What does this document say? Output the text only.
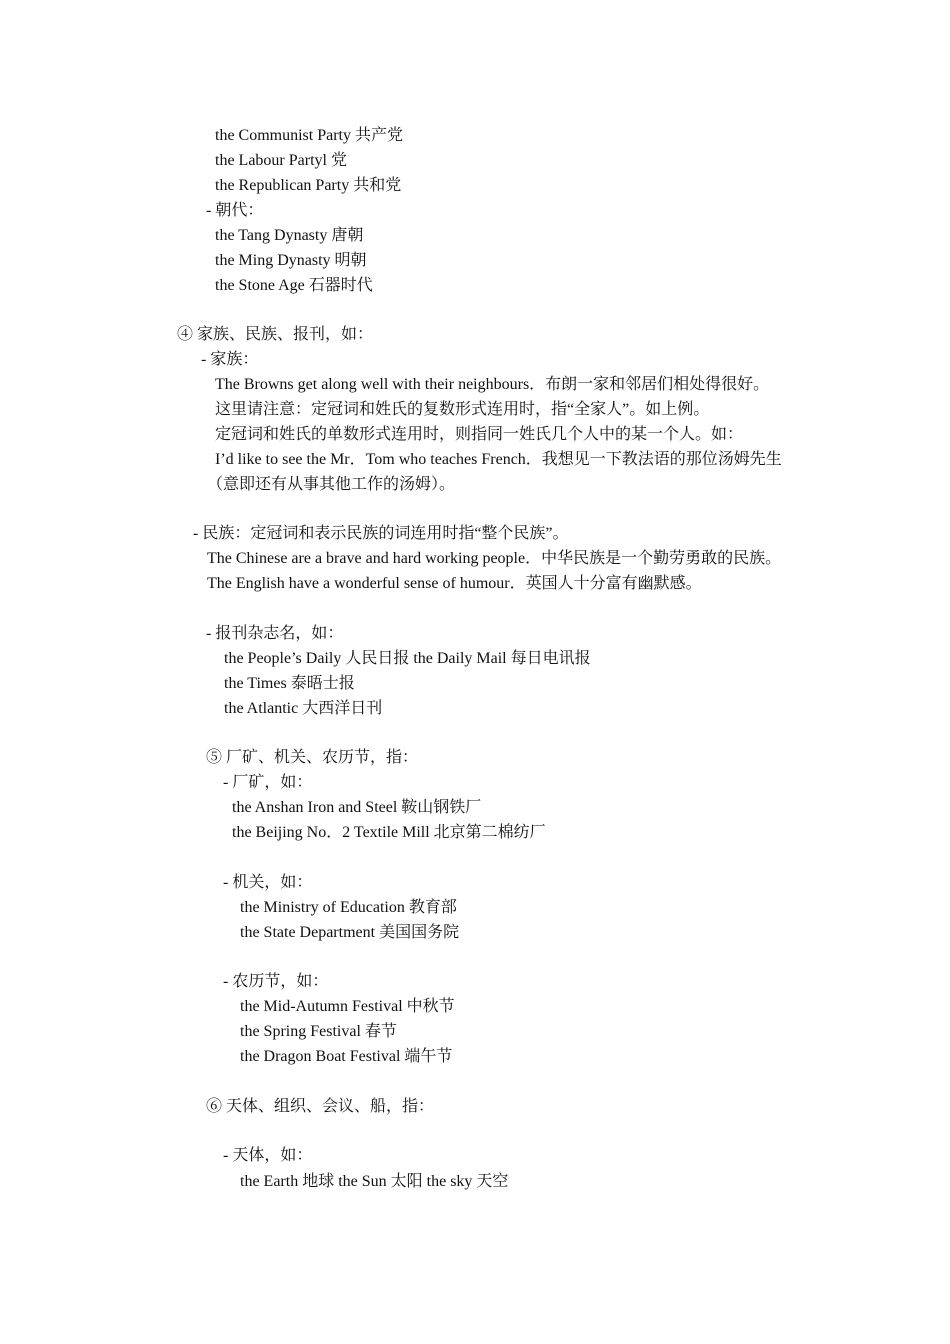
the Communist Party 共产党
the Labour Partyl 党
the Republican Party 共和党
- 朝代：
the Tang Dynasty 唐朝
the Ming Dynasty 明朝
the Stone Age 石器时代
④ 家族、民族、报刊，如：
- 家族：
The Browns get along well with their neighbours．布朗一家和邻居们相处得很好。
这里请注意：定冠词和姓氏的复数形式连用时，指“全家人”。如上例。
定冠词和姓氏的单数形式连用时，则指同一姓氏几个人中的某一个人。如：
I’d like to see the Mr．Tom who teaches French．我想见一下教法语的那位汤姆先生
（意即还有从事其他工作的汤姆）。
- 民族：定冠词和表示民族的词连用时指“整个民族”。
The Chinese are a brave and hard working people．中华民族是一个勤劳勇敢的民族。
The English have a wonderful sense of humour．英国人十分富有幽默感。
- 报刊杂志名，如：
the People’s Daily 人民日报 the Daily Mail 每日电讯报
the Times 泰晤士报
the Atlantic 大西洋日刊
⑤ 厂矿、机关、农历节，指：
- 厂矿，如：
the Anshan Iron and Steel 鞍山钢铁厂
the Beijing No．2 Textile Mill 北京第二棉纺厂
- 机关，如：
the Ministry of Education 教育部
the State Department 美国国务院
- 农历节，如：
the Mid-Autumn Festival 中秋节
the Spring Festival 春节
the Dragon Boat Festival 端午节
⑥ 天体、组织、会议、船，指：
- 天体，如：
the Earth 地球 the Sun 太阳 the sky 天空
